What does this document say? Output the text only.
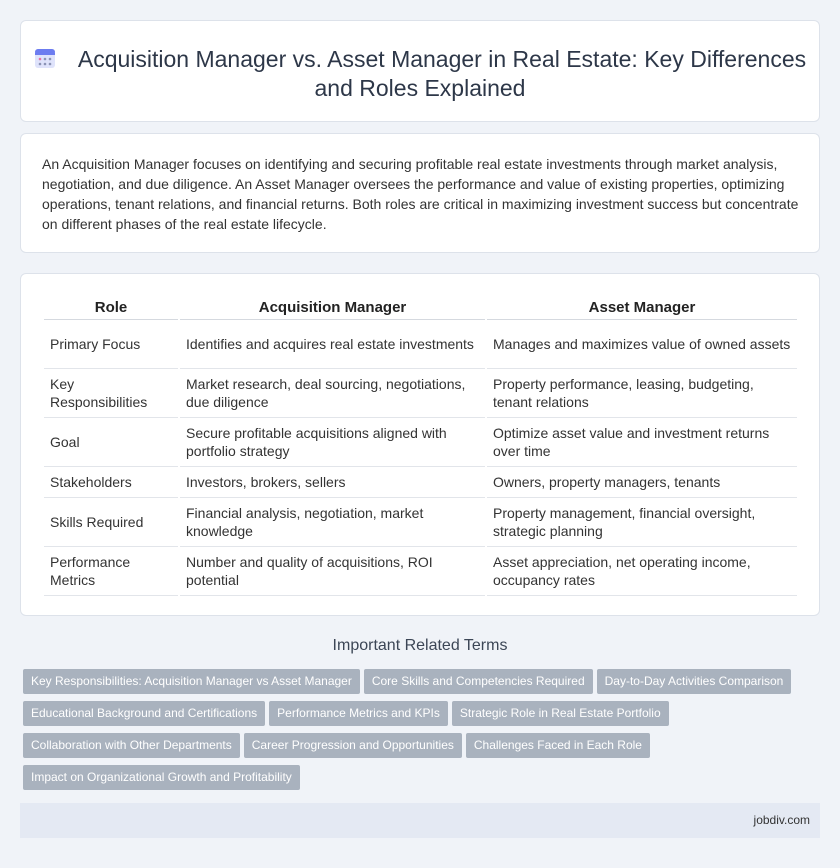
Acquisition Manager vs. Asset Manager in Real Estate: Key Differences and Roles Explained

An Acquisition Manager focuses on identifying and securing profitable real estate investments through market analysis, negotiation, and due diligence. An Asset Manager oversees the performance and value of existing properties, optimizing operations, tenant relations, and financial returns. Both roles are critical in maximizing investment success but concentrate on different phases of the real estate lifecycle.

Role	Acquisition Manager	Asset Manager
Primary Focus	Identifies and acquires real estate investments	Manages and maximizes value of owned assets
Key Responsibilities	Market research, deal sourcing, negotiations, due diligence	Property performance, leasing, budgeting, tenant relations
Goal	Secure profitable acquisitions aligned with portfolio strategy	Optimize asset value and investment returns over time
Stakeholders	Investors, brokers, sellers	Owners, property managers, tenants
Skills Required	Financial analysis, negotiation, market knowledge	Property management, financial oversight, strategic planning
Performance Metrics	Number and quality of acquisitions, ROI potential	Asset appreciation, net operating income, occupancy rates
Important Related Terms
Key Responsibilities: Acquisition Manager vs Asset Manager Core Skills and Competencies Required Day-to-Day Activities Comparison
Educational Background and Certifications Performance Metrics and KPIs Strategic Role in Real Estate Portfolio
Collaboration with Other Departments Career Progression and Opportunities Challenges Faced in Each Role
Impact on Organizational Growth and Profitability
jobdiv.com
